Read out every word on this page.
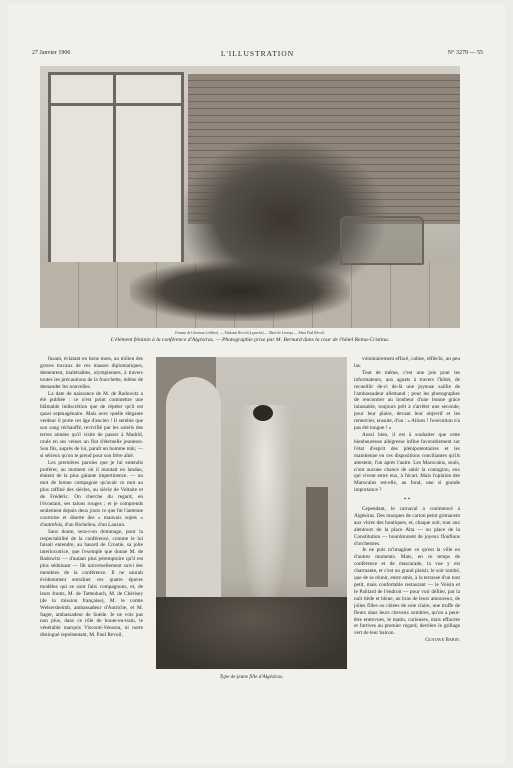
27 Janvier 1906	L'ILLUSTRATION	N° 3279 — 55
Femme de Liberteur (célèbre). — Madame Révoil (à gauche) — Mme de Lesseps — Mme Paul Révoil.
L'élément féminin à la conférence d'Algésiras. — Photographie prise par M. Bernard dans la cour de l'hôtel Reina-Cristina.

fusant, éclatant en bons mots, au milieu des graves travaux de ces masses diplomatiques, demeurent, inaltérables, olympiennes, à travers toutes les précautions de la fourchette, même de demander les nouvelles.

La date de naissance de M. de Radowitz a été publiée : ce n'est point commettre une blâmable indiscrétion que de répéter qu'il est quasi septuagénaire. Mais avec quelle élégante verdeur il porte cet âge d'ancien ! Il semble que son sang réchauffé, revivifié par les soleils des terres aimées qu'il visite de passer à Madrid, roule en ses veines un flot d'éternelle jeunesse. Son fils, auprès de lui, paraît un homme mûr, — si sérieux qu'on le prend pour son frère aîné.

Les premières paroles que je lui entendis proférer, au moment où il montait en landau, étaient de la plus galante impertinence. — un mot de bonne compagnie qu'avait ce mot au plus raffiné des siècles, au siècle de Voltaire et de Frédéric. On cherche du regard, en l'écoutant, ses talons rouges ; et je comprends seulement depuis deux jours ce que fut l'antenne courtoise et diserte des « mauvais sujets » d'autrefois, d'un Richelieu, d'un Lauzun.

Sans doute, sera-t-on dommage, pour la respectabilité de la conférence, comme le lui faisait entendre, au hasard de Croatie, sa jolie interlocutrice, que l'exemple que donne M. de Radowitz — d'autant plus péremptoire qu'il est plus séduisant — fût universellement suivi des membres de la conférence. Il ne saurait évidemment entraîner ces quatre épaves modèles qui se sont faits compagnons, et, de leurs fronts, M. de Tattenbach, M. de Chérisey (de la mission française), M. le comte Welsersheimb, ambassadeur d'Autriche, et M. Sager, ambassadeur de Suède. Je ne vois pas non plus, dans ce rôle de boute-en-train, le vénérable marquis Visconti-Venosta, ni notre distingué représentant, M. Paul Revoil,

Type de jeune fille d'Algésiras.

volontairement effacé, calme, réfléchi, un peu las.

Tout de même, c'est une joie pour les informateurs, aux aguets à travers l'hôtel, de recueillir de-ci de-là une joyeuse saillie de l'ambassadeur allemand ; pour les photographes de rencontrer au bonheur d'une bonne grâce inlassable, toujours prêt à s'arrêter une seconde, pour leur plaire, devant leur objectif et les remercier, ensuite, d'un : « Allons ! l'exécution n'a pas été longue ! »

Aussi bien, il est à souhaiter que cette bienheureuse allégresse influe favorablement sur l'état d'esprit des plénipotentiaires et les maintienne en ces dispositions conciliantes qu'ils attestent, l'un après l'autre. Les Marocains, seuls, n'ont aucune chance de subir la contagion, eux qui vivent entre eux, à l'écart. Mais l'opinion des Marocains est-elle, au fond, une si grande importance ?

* *

Cependant, le carnaval a commencé à Algésiras. Des masques de carton peint grimacent aux vitres des boutiques, et, chaque soir, tout aux alentours de la place Alta — ou place de la Constitution — bourdonnent de joyeux flonflons d'orchestres.

Je ne puis m'imaginer ce qu'est la ville en d'autres moments. Mais, en ce temps de conférence et de mascarade, la vue y est charmante, et c'est un grand plaisir, le soir tombé, que de se réunir, entre amis, à la terrasse d'un tout petit, mais confortable restaurant — le Voisin et le Paillard de l'endroit — pour voir défiler, par la nuit tiède et bleue, au bras de leurs amoureux, de jolies filles ou chiées de soie claire, une truffe de fleurs dans leurs cheveux sombres, qu'on a peut-être entrevues, le matin, curieuses, mais effacées et furtives au premier regard, derrière le grillage vert de leur balcon.

Gustave Babin.
